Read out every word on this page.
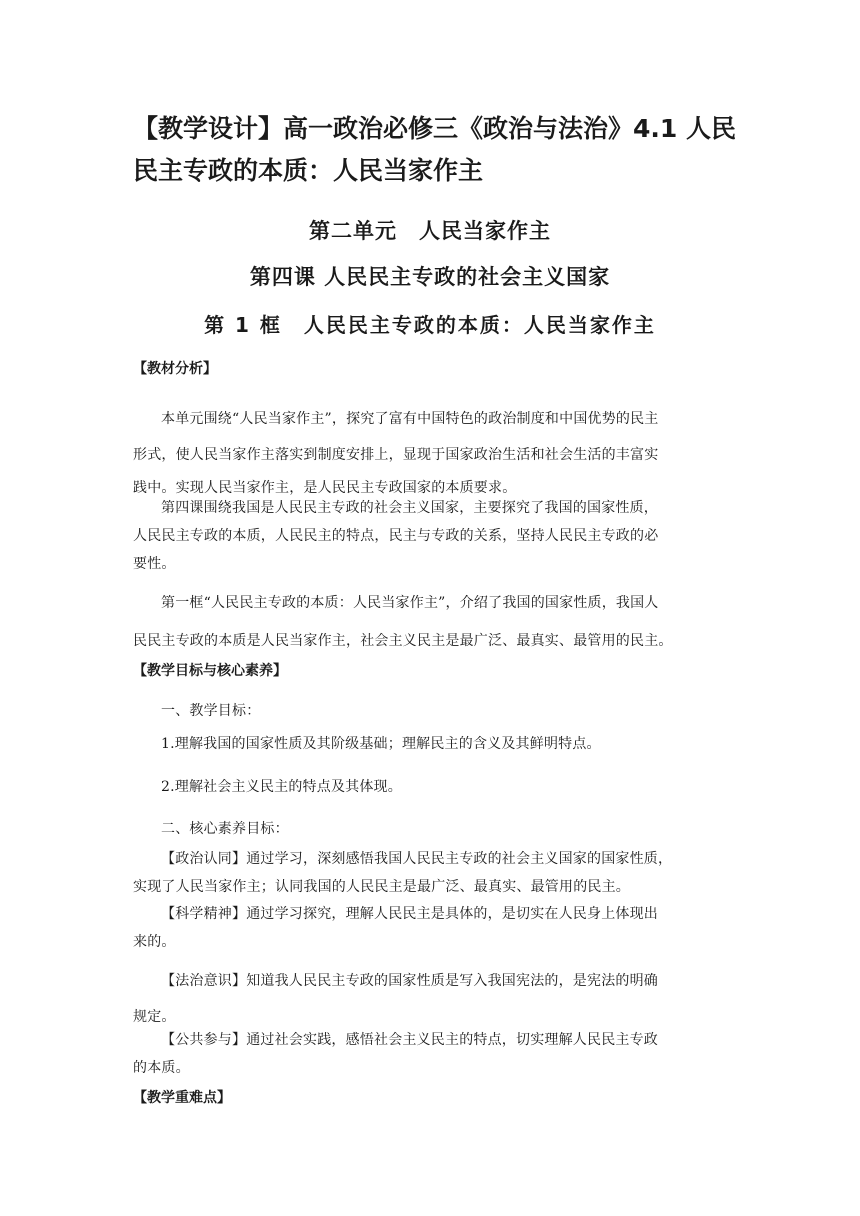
【教学设计】高一政治必修三《政治与法治》4.1 人民
民主专政的本质：人民当家作主
第二单元　人民当家作主
第四课 人民民主专政的社会主义国家
第 1 框　人民民主专政的本质：人民当家作主

【教材分析】

本单元围绕“人民当家作主”，探究了富有中国特色的政治制度和中国优势的民主
形式，使人民当家作主落实到制度安排上，显现于国家政治生活和社会生活的丰富实
践中。实现人民当家作主，是人民民主专政国家的本质要求。

第四课围绕我国是人民民主专政的社会主义国家，主要探究了我国的国家性质，
人民民主专政的本质，人民民主的特点，民主与专政的关系，坚持人民民主专政的必
要性。

第一框“人民民主专政的本质：人民当家作主”，介绍了我国的国家性质，我国人
民民主专政的本质是人民当家作主，社会主义民主是最广泛、最真实、最管用的民主。

【教学目标与核心素养】

一、教学目标：

1.理解我国的国家性质及其阶级基础；理解民主的含义及其鲜明特点。

2.理解社会主义民主的特点及其体现。

二、核心素养目标：

【政治认同】通过学习，深刻感悟我国人民民主专政的社会主义国家的国家性质，
实现了人民当家作主；认同我国的人民民主是最广泛、最真实、最管用的民主。

【科学精神】通过学习探究，理解人民民主是具体的，是切实在人民身上体现出
来的。

【法治意识】知道我人民民主专政的国家性质是写入我国宪法的，是宪法的明确
规定。

【公共参与】通过社会实践，感悟社会主义民主的特点，切实理解人民民主专政
的本质。

【教学重难点】
